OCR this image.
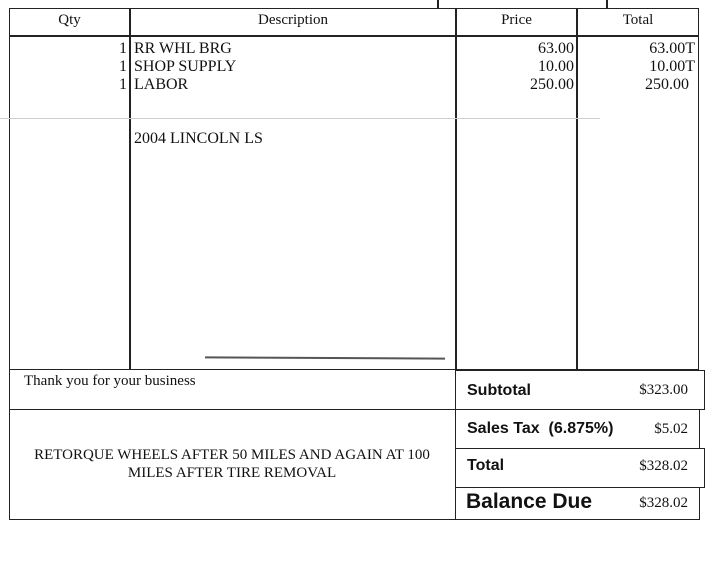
Qty	Description	Price	Total
1 RR WHL BRG	63.00	63.00T
1 SHOP SUPPLY	10.00	10.00T
1 LABOR	250.00	250.00
2004 LINCOLN LS
Thank you for your business
RETORQUE WHEELS AFTER 50 MILES AND AGAIN AT 100 MILES AFTER TIRE REMOVAL
Subtotal	$323.00
Sales Tax  (6.875%)	$5.02
Total	$328.02
Balance Due	$328.02
